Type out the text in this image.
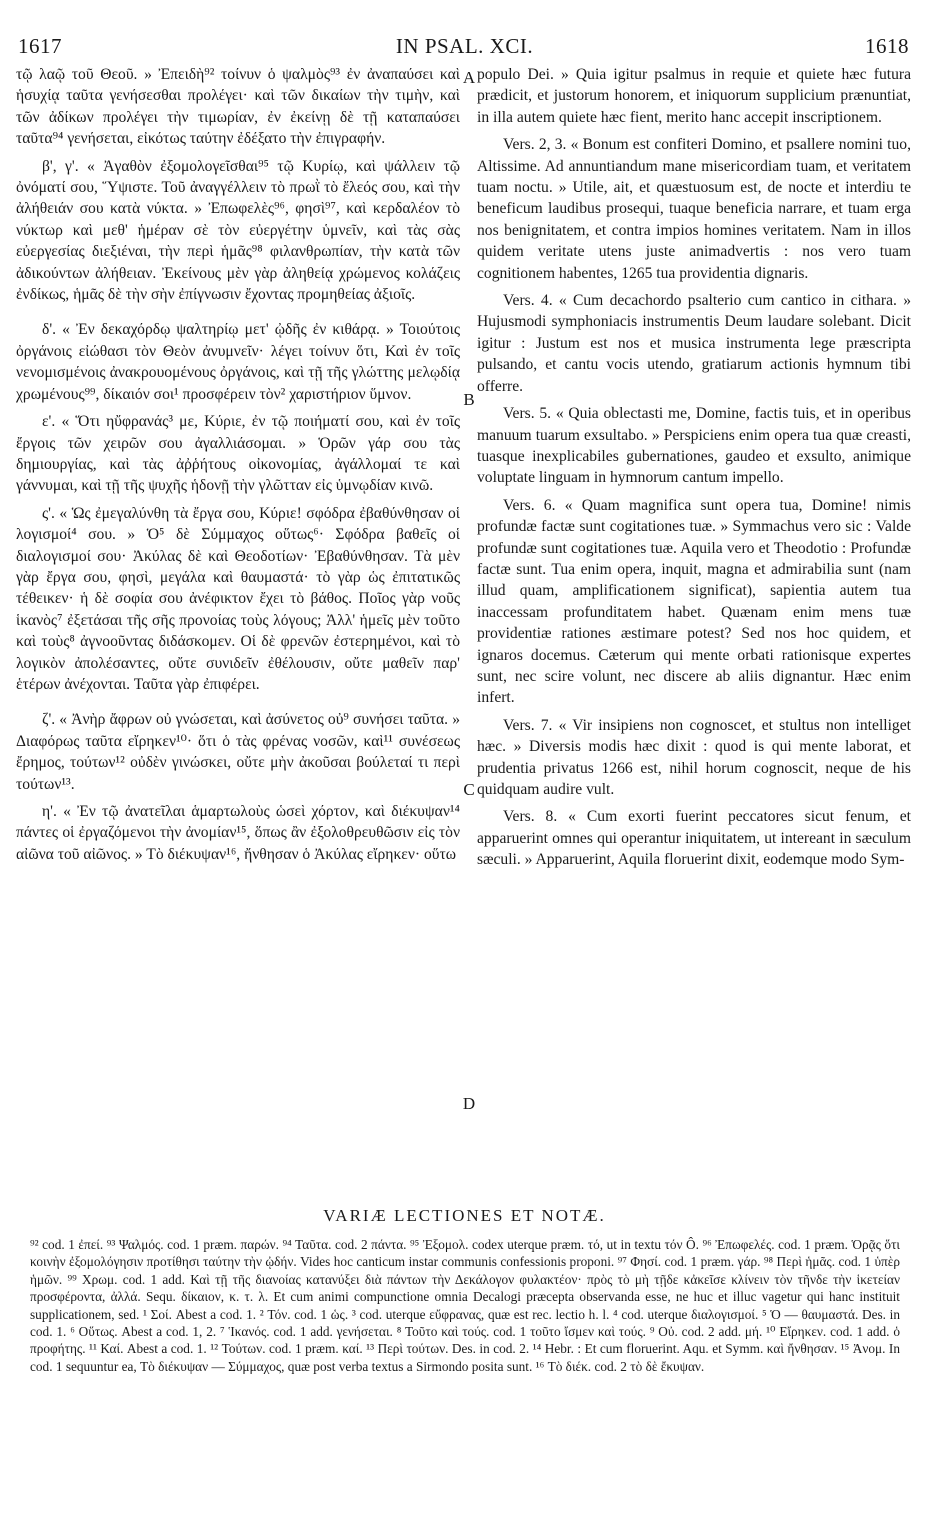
1617	IN PSAL. XCI.	1618
A
B
C
D

τῷ λαῷ τοῦ Θεοῦ. » Ἐπειδὴ⁹² τοίνυν ὁ ψαλμὸς⁹³ ἐν ἀναπαύσει καὶ ἡσυχίᾳ ταῦτα γενήσεσθαι προλέγει· καὶ τῶν δικαίων τὴν τιμὴν, καὶ τῶν ἀδίκων προλέγει τὴν τιμωρίαν, ἐν ἐκείνῃ δὲ τῇ καταπαύσει ταῦτα⁹⁴ γενήσεται, εἰκότως ταύτην ἐδέξατο τὴν ἐπιγραφήν.

β', γ'. « Ἀγαθὸν ἐξομολογεῖσθαι⁹⁵ τῷ Κυρίῳ, καὶ ψάλλειν τῷ ὀνόματί σου, Ὕψιστε. Τοῦ ἀναγγέλλειν τὸ πρωῒ τὸ ἔλεός σου, καὶ τὴν ἀλήθειάν σου κατὰ νύκτα. » Ἐπωφελὲς⁹⁶, φησὶ⁹⁷, καὶ κερδαλέον τὸ νύκτωρ καὶ μεθ' ἡμέραν σὲ τὸν εὐεργέτην ὑμνεῖν, καὶ τὰς σὰς εὐεργεσίας διεξιέναι, τὴν περὶ ἡμᾶς⁹⁸ φιλανθρωπίαν, τὴν κατὰ τῶν ἀδικούντων ἀλήθειαν. Ἐκείνους μὲν γὰρ ἀληθείᾳ χρώμενος κολάζεις ἐνδίκως, ἡμᾶς δὲ τὴν σὴν ἐπίγνωσιν ἔχοντας προμηθείας ἀξιοῖς.

δ'. « Ἐν δεκαχόρδῳ ψαλτηρίῳ μετ' ᾠδῆς ἐν κιθάρᾳ. » Τοιούτοις ὀργάνοις εἰώθασι τὸν Θεὸν ἀνυμνεῖν· λέγει τοίνυν ὅτι, Καὶ ἐν τοῖς νενομισμένοις ἀνακρουομένους ὀργάνοις, καὶ τῇ τῆς γλώττης μελῳδίᾳ χρωμένους⁹⁹, δίκαιόν σοι¹ προσφέρειν τὸν² χαριστήριον ὕμνον.

ε'. « Ὅτι ηὔφρανάς³ με, Κύριε, ἐν τῷ ποιήματί σου, καὶ ἐν τοῖς ἔργοις τῶν χειρῶν σου ἀγαλλιάσομαι. » Ὁρῶν γάρ σου τὰς δημιουργίας, καὶ τὰς ἀῤῥήτους οἰκονομίας, ἀγάλλομαί τε καὶ γάννυμαι, καὶ τῇ τῆς ψυχῆς ἡδονῇ τὴν γλῶτταν εἰς ὑμνῳδίαν κινῶ.

ς'. « Ὡς ἐμεγαλύνθη τὰ ἔργα σου, Κύριε! σφόδρα ἐβαθύνθησαν οἱ λογισμοί⁴ σου. » Ὁ⁵ δὲ Σύμμαχος οὕτως⁶· Σφόδρα βαθεῖς οἱ διαλογισμοί σου· Ἀκύλας δὲ καὶ Θεοδοτίων· Ἐβαθύνθησαν. Τὰ μὲν γὰρ ἔργα σου, φησὶ, μεγάλα καὶ θαυμαστά· τὸ γὰρ ὡς ἐπιτατικῶς τέθεικεν· ἡ δὲ σοφία σου ἀνέφικτον ἔχει τὸ βάθος. Ποῖος γὰρ νοῦς ἱκανὸς⁷ ἐξετάσαι τῆς σῆς προνοίας τοὺς λόγους; Ἀλλ' ἡμεῖς μὲν τοῦτο καὶ τοὺς⁸ ἀγνοοῦντας διδάσκομεν. Οἱ δὲ φρενῶν ἐστερημένοι, καὶ τὸ λογικὸν ἀπολέσαντες, οὔτε συνιδεῖν ἐθέλουσιν, οὔτε μαθεῖν παρ' ἑτέρων ἀνέχονται. Ταῦτα γὰρ ἐπιφέρει.

ζ'. « Ἀνὴρ ἄφρων οὐ γνώσεται, καὶ ἀσύνετος οὐ⁹ συνήσει ταῦτα. » Διαφόρως ταῦτα εἴρηκεν¹⁰· ὅτι ὁ τὰς φρένας νοσῶν, καὶ¹¹ συνέσεως ἔρημος, τούτων¹² οὐδὲν γινώσκει, οὔτε μὴν ἀκοῦσαι βούλεταί τι περὶ τούτων¹³.

η'. « Ἐν τῷ ἀνατεῖλαι ἁμαρτωλοὺς ὡσεὶ χόρτον, καὶ διέκυψαν¹⁴ πάντες οἱ ἐργαζόμενοι τὴν ἀνομίαν¹⁵, ὅπως ἂν ἐξολοθρευθῶσιν εἰς τὸν αἰῶνα τοῦ αἰῶνος. » Τὸ διέκυψαν¹⁶, ἤνθησαν ὁ Ἀκύλας εἴρηκεν· οὕτω

populo Dei. » Quia igitur psalmus in requie et quiete hæc futura prædicit, et justorum honorem, et iniquorum supplicium prænuntiat, in illa autem quiete hæc fient, merito hanc accepit inscriptionem.

Vers. 2, 3. « Bonum est confiteri Domino, et psallere nomini tuo, Altissime. Ad annuntiandum mane misericordiam tuam, et veritatem tuam noctu. » Utile, ait, et quæstuosum est, de nocte et interdiu te beneficum laudibus prosequi, tuaque beneficia narrare, et tuam erga nos benignitatem, et contra impios homines veritatem. Nam in illos quidem veritate utens juste animadvertis : nos vero tuam cognitionem habentes, 1265 tua providentia dignaris.

Vers. 4. « Cum decachordo psalterio cum cantico in cithara. » Hujusmodi symphoniacis instrumentis Deum laudare solebant. Dicit igitur : Justum est nos et musica instrumenta lege præscripta pulsando, et cantu vocis utendo, gratiarum actionis hymnum tibi offerre.

Vers. 5. « Quia oblectasti me, Domine, factis tuis, et in operibus manuum tuarum exsultabo. » Perspiciens enim opera tua quæ creasti, tuasque inexplicabiles gubernationes, gaudeo et exsulto, animique voluptate linguam in hymnorum cantum impello.

Vers. 6. « Quam magnifica sunt opera tua, Domine! nimis profundæ factæ sunt cogitationes tuæ. » Symmachus vero sic : Valde profundæ sunt cogitationes tuæ. Aquila vero et Theodotio : Profundæ factæ sunt. Tua enim opera, inquit, magna et admirabilia sunt (nam illud quam, amplificationem significat), sapientia autem tua inaccessam profunditatem habet. Quænam enim mens tuæ providentiæ rationes æstimare potest? Sed nos hoc quidem, et ignaros docemus. Cæterum qui mente orbati rationisque expertes sunt, nec scire volunt, nec discere ab aliis dignantur. Hæc enim infert.

Vers. 7. « Vir insipiens non cognoscet, et stultus non intelliget hæc. » Diversis modis hæc dixit : quod is qui mente laborat, et prudentia privatus 1266 est, nihil horum cognoscit, neque de his quidquam audire vult.

Vers. 8. « Cum exorti fuerint peccatores sicut fenum, et apparuerint omnes qui operantur iniquitatem, ut intereant in sæculum sæculi. » Apparuerint, Aquila floruerint dixit, eodemque modo Sym-

VARIÆ LECTIONES ET NOTÆ.
⁹² cod. 1 ἐπεί. ⁹³ Ψαλμός. cod. 1 præm. παρών. ⁹⁴ Ταῦτα. cod. 2 πάντα. ⁹⁵ Ἐξομολ. codex uterque præm. τό, ut in textu τόν Ô. ⁹⁶ Ἐπωφελές. cod. 1 præm. Ὁρᾷς ὅτι κοινὴν ἐξομολόγησιν προτίθησι ταύτην τὴν ᾠδήν. Vides hoc canticum instar communis confessionis proponi. ⁹⁷ Φησί. cod. 1 præm. γάρ. ⁹⁸ Περὶ ἡμᾶς. cod. 1 ὑπὲρ ἡμῶν. ⁹⁹ Χρωμ. cod. 1 add. Καὶ τῇ τῆς διανοίας κατανύξει διὰ πάντων τὴν Δεκάλογον φυλακτέον· πρὸς τὸ μὴ τῇδε κἀκεῖσε κλίνειν τὸν τῆνδε τὴν ἱκετείαν προσφέροντα, ἀλλά. Sequ. δίκαιον, κ. τ. λ. Et cum animi compunctione omnia Decalogi præcepta observanda esse, ne huc et illuc vagetur qui hanc instituit supplicationem, sed. ¹ Σοί. Abest a cod. 1. ² Τόν. cod. 1 ὡς. ³ cod. uterque εὔφρανας, quæ est rec. lectio h. l. ⁴ cod. uterque διαλογισμοί. ⁵ Ὁ — θαυμαστά. Des. in cod. 1. ⁶ Οὕτως. Abest a cod. 1, 2. ⁷ Ἱκανός. cod. 1 add. γενήσεται. ⁸ Τοῦτο καὶ τούς. cod. 1 τοῦτο ἴσμεν καὶ τούς. ⁹ Οὐ. cod. 2 add. μή. ¹⁰ Εἴρηκεν. cod. 1 add. ὁ προφήτης. ¹¹ Καί. Abest a cod. 1. ¹² Τούτων. cod. 1 præm. καί. ¹³ Περὶ τούτων. Des. in cod. 2. ¹⁴ Hebr. : Et cum floruerint. Aqu. et Symm. καὶ ἤνθησαν. ¹⁵ Ἀνομ. In cod. 1 sequuntur ea, Τὸ διέκυψαν — Σύμμαχος, quæ post verba textus a Sirmondo posita sunt. ¹⁶ Τὸ διέκ. cod. 2 τὸ δὲ ἔκυψαν.
